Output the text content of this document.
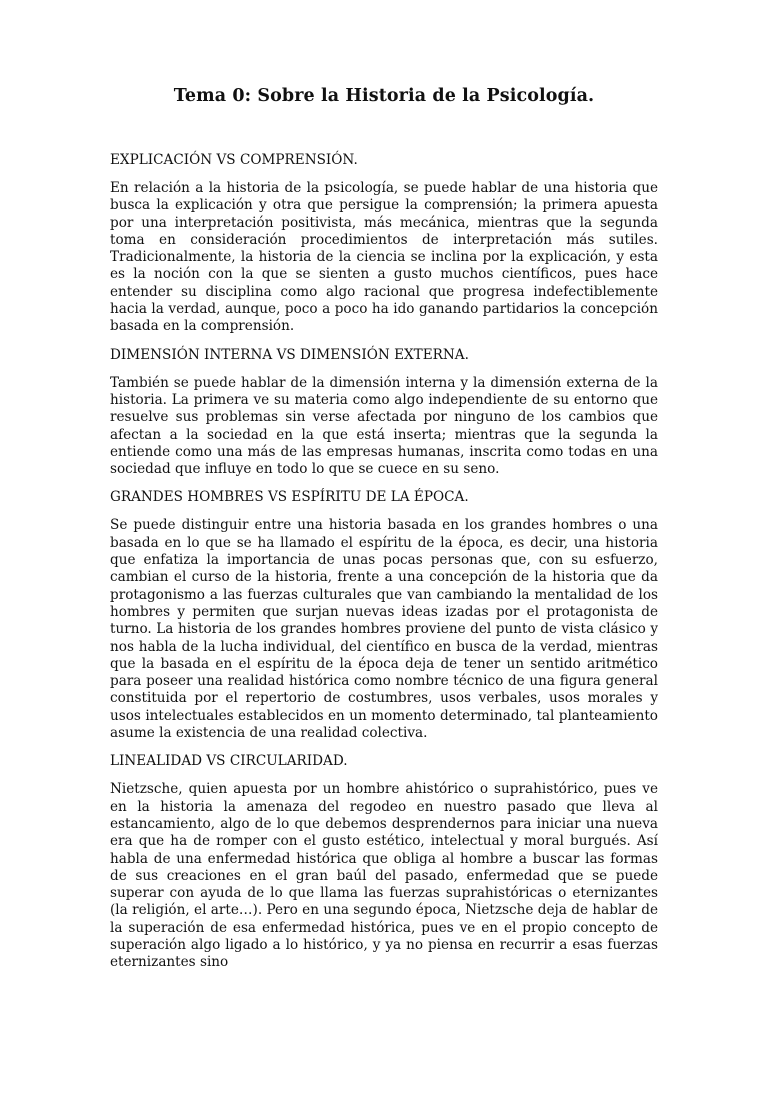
Tema 0: Sobre la Historia de la Psicología.
EXPLICACIÓN VS COMPRENSIÓN.

En relación a la historia de la psicología, se puede hablar de una historia que busca la explicación y otra que persigue la comprensión; la primera apuesta por una interpretación positivista, más mecánica, mientras que la segunda toma en consideración procedimientos de interpretación más sutiles. Tradicionalmente, la historia de la ciencia se inclina por la explicación, y esta es la noción con la que se sienten a gusto muchos científicos, pues hace entender su disciplina como algo racional que progresa indefectiblemente hacia la verdad, aunque, poco a poco ha ido ganando partidarios la concepción basada en la comprensión.

DIMENSIÓN INTERNA VS DIMENSIÓN EXTERNA.

También se puede hablar de la dimensión interna y la dimensión externa de la historia. La primera ve su materia como algo independiente de su entorno que resuelve sus problemas sin verse afectada por ninguno de los cambios que afectan a la sociedad en la que está inserta; mientras que la segunda la entiende como una más de las empresas humanas, inscrita como todas en una sociedad que influye en todo lo que se cuece en su seno.

GRANDES HOMBRES VS ESPÍRITU DE LA ÉPOCA.

Se puede distinguir entre una historia basada en los grandes hombres o una basada en lo que se ha llamado el espíritu de la época, es decir, una historia que enfatiza la importancia de unas pocas personas que, con su esfuerzo, cambian el curso de la historia, frente a una concepción de la historia que da protagonismo a las fuerzas culturales que van cambiando la mentalidad de los hombres y permiten que surjan nuevas ideas izadas por el protagonista de turno. La historia de los grandes hombres proviene del punto de vista clásico y nos habla de la lucha individual, del científico en busca de la verdad, mientras que la basada en el espíritu de la época deja de tener un sentido aritmético para poseer una realidad histórica como nombre técnico de una figura general constituida por el repertorio de costumbres, usos verbales, usos morales y usos intelectuales establecidos en un momento determinado, tal planteamiento asume la existencia de una realidad colectiva.

LINEALIDAD VS CIRCULARIDAD.

Nietzsche, quien apuesta por un hombre ahistórico o suprahistórico, pues ve en la historia la amenaza del regodeo en nuestro pasado que lleva al estancamiento, algo de lo que debemos desprendernos para iniciar una nueva era que ha de romper con el gusto estético, intelectual y moral burgués. Así habla de una enfermedad histórica que obliga al hombre a buscar las formas de sus creaciones en el gran baúl del pasado, enfermedad que se puede superar con ayuda de lo que llama las fuerzas suprahistóricas o eternizantes (la religión, el arte…). Pero en una segundo época, Nietzsche deja de hablar de la superación de esa enfermedad histórica, pues ve en el propio concepto de superación algo ligado a lo histórico, y ya no piensa en recurrir a esas fuerzas eternizantes sino
